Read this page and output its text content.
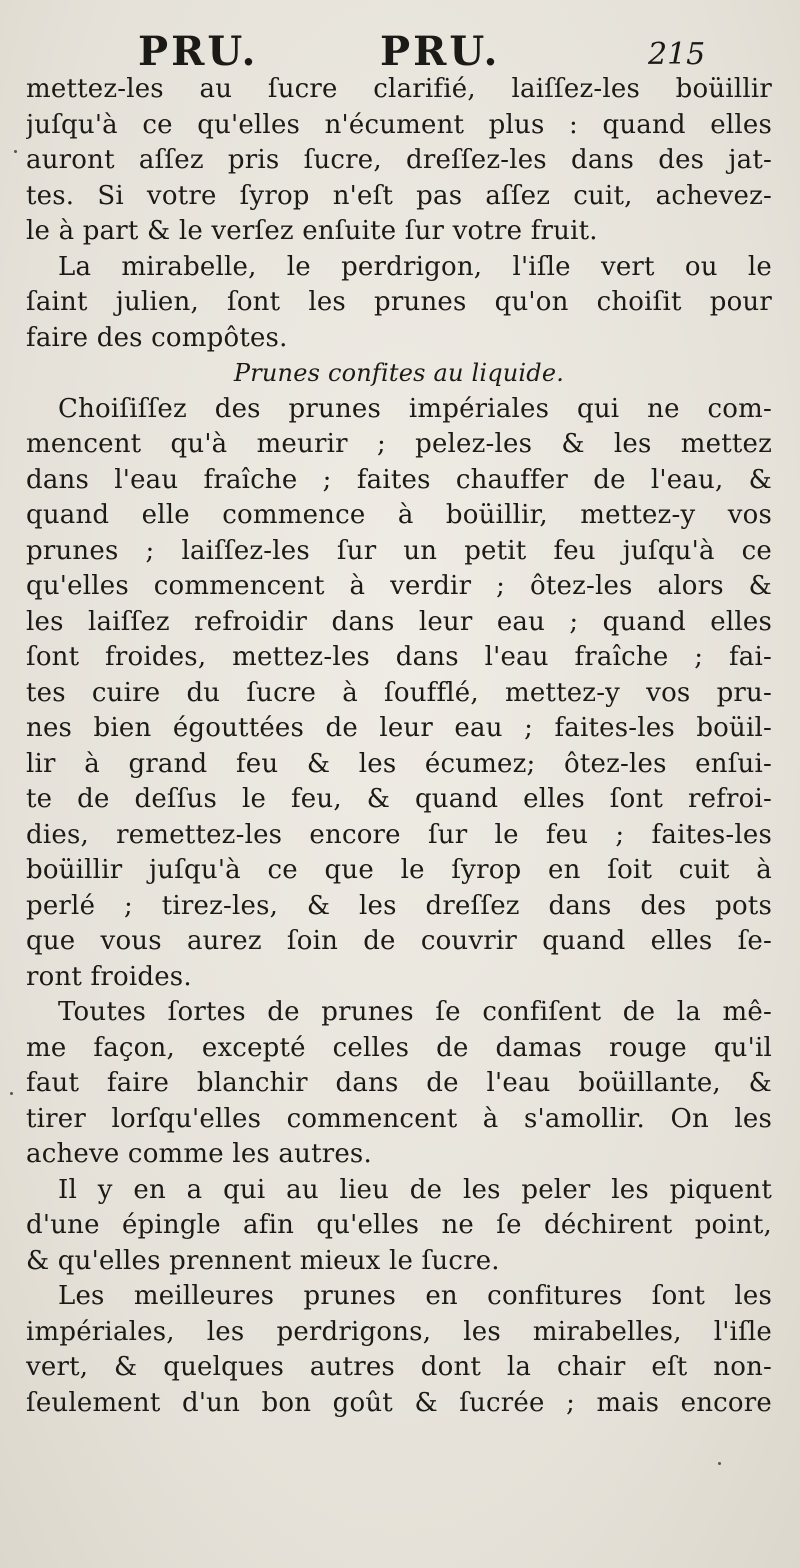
PRU.	PRU.	215
mettez-les au ſucre clarifié, laiſſez-les boüillir
juſqu'à ce qu'elles n'écument plus : quand elles
auront aſſez pris ſucre, dreſſez-les dans des jat-
tes. Si votre ſyrop n'eſt pas aſſez cuit, achevez-
le à part & le verſez enſuite ſur votre fruit.
La mirabelle, le perdrigon, l'iſle vert ou le
ſaint julien, ſont les prunes qu'on choiſit pour
faire des compôtes.
Prunes confites au liquide.
Choiſiſſez des prunes impériales qui ne com-
mencent qu'à meurir ; pelez-les & les mettez
dans l'eau fraîche ; faites chauffer de l'eau, &
quand elle commence à boüillir, mettez-y vos
prunes ; laiſſez-les ſur un petit feu juſqu'à ce
qu'elles commencent à verdir ; ôtez-les alors &
les laiſſez refroidir dans leur eau ; quand elles
ſont froides, mettez-les dans l'eau fraîche ; fai-
tes cuire du ſucre à ſoufflé, mettez-y vos pru-
nes bien égouttées de leur eau ; faites-les boüil-
lir à grand feu & les écumez; ôtez-les enſui-
te de deſſus le feu, & quand elles ſont refroi-
dies, remettez-les encore ſur le feu ; faites-les
boüillir juſqu'à ce que le ſyrop en ſoit cuit à
perlé ; tirez-les, & les dreſſez dans des pots
que vous aurez ſoin de couvrir quand elles ſe-
ront froides.
Toutes ſortes de prunes ſe confiſent de la mê-
me façon, excepté celles de damas rouge qu'il
faut faire blanchir dans de l'eau boüillante, &
tirer lorſqu'elles commencent à s'amollir. On les
acheve comme les autres.
Il y en a qui au lieu de les peler les piquent
d'une épingle afin qu'elles ne ſe déchirent point,
& qu'elles prennent mieux le ſucre.
Les meilleures prunes en confitures ſont les
impériales, les perdrigons, les mirabelles, l'iſle
vert, & quelques autres dont la chair eſt non-
ſeulement d'un bon goût & ſucrée ; mais encore
